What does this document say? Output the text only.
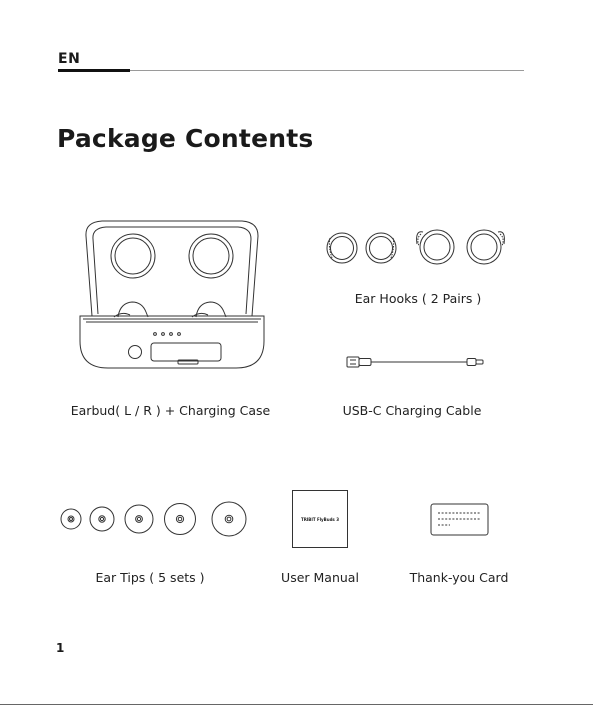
EN
Package Contents
Earbud( L / R ) + Charging Case
Ear Hooks ( 2 Pairs )
USB-C Charging Cable
Ear Tips ( 5 sets )
TRIBIT FlyBuds 3
User Manual	Thank-you Card
1
